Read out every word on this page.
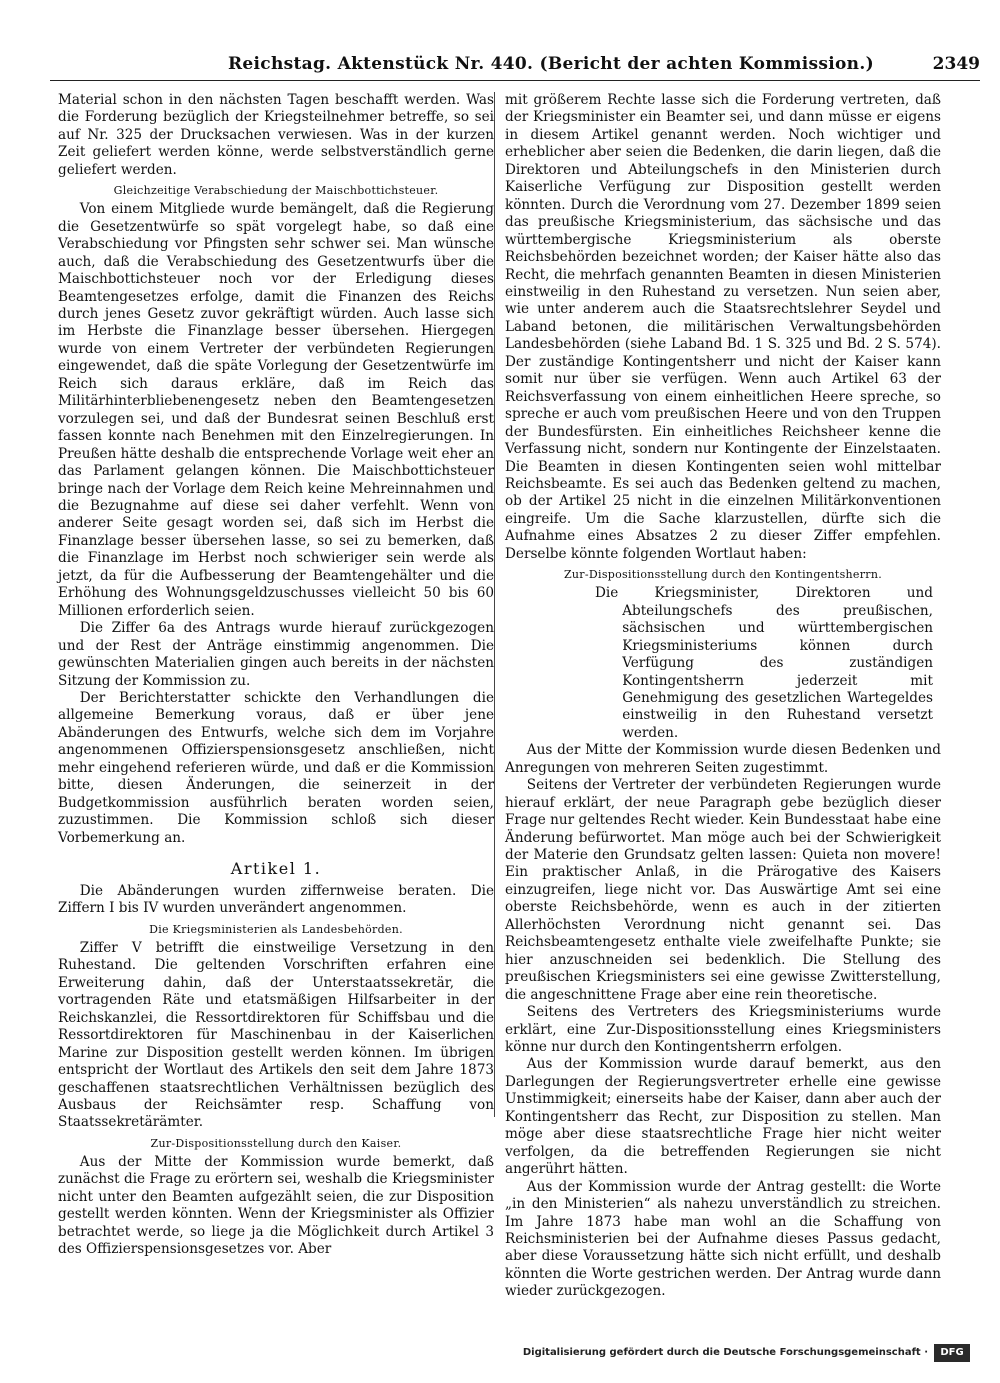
Reichstag. Aktenstück Nr. 440. (Bericht der achten Kommission.)	2349

Material schon in den nächsten Tagen beschafft werden. Was die Forderung bezüglich der Kriegsteilnehmer betreffe, so sei auf Nr. 325 der Drucksachen verwiesen. Was in der kurzen Zeit geliefert werden könne, werde selbstverständlich gerne geliefert werden.

Gleichzeitige Verabschiedung der Maischbottichsteuer.

Von einem Mitgliede wurde bemängelt, daß die Regierung die Gesetzentwürfe so spät vorgelegt habe, so daß eine Verabschiedung vor Pfingsten sehr schwer sei. Man wünsche auch, daß die Verabschiedung des Gesetzentwurfs über die Maischbottichsteuer noch vor der Erledigung dieses Beamtengesetzes erfolge, damit die Finanzen des Reichs durch jenes Gesetz zuvor gekräftigt würden. Auch lasse sich im Herbste die Finanzlage besser übersehen. Hiergegen wurde von einem Vertreter der verbündeten Regierungen eingewendet, daß die späte Vorlegung der Gesetzentwürfe im Reich sich daraus erkläre, daß im Reich das Militärhinterbliebenengesetz neben den Beamtengesetzen vorzulegen sei, und daß der Bundesrat seinen Beschluß erst fassen konnte nach Benehmen mit den Einzelregierungen. In Preußen hätte deshalb die entsprechende Vorlage weit eher an das Parlament gelangen können. Die Maischbottichsteuer bringe nach der Vorlage dem Reich keine Mehreinnahmen und die Bezugnahme auf diese sei daher verfehlt. Wenn von anderer Seite gesagt worden sei, daß sich im Herbst die Finanzlage besser übersehen lasse, so sei zu bemerken, daß die Finanzlage im Herbst noch schwieriger sein werde als jetzt, da für die Aufbesserung der Beamtengehälter und die Erhöhung des Wohnungsgeldzuschusses vielleicht 50 bis 60 Millionen erforderlich seien.

Die Ziffer 6a des Antrags wurde hierauf zurückgezogen und der Rest der Anträge einstimmig angenommen. Die gewünschten Materialien gingen auch bereits in der nächsten Sitzung der Kommission zu.

Der Berichterstatter schickte den Verhandlungen die allgemeine Bemerkung voraus, daß er über jene Abänderungen des Entwurfs, welche sich dem im Vorjahre angenommenen Offizierspensionsgesetz anschließen, nicht mehr eingehend referieren würde, und daß er die Kommission bitte, diesen Änderungen, die seinerzeit in der Budgetkommission ausführlich beraten worden seien, zuzustimmen. Die Kommission schloß sich dieser Vorbemerkung an.

Artikel 1.

Die Abänderungen wurden ziffernweise beraten. Die Ziffern I bis IV wurden unverändert angenommen.

Die Kriegsministerien als Landesbehörden.

Ziffer V betrifft die einstweilige Versetzung in den Ruhestand. Die geltenden Vorschriften erfahren eine Erweiterung dahin, daß der Unterstaatssekretär, die vortragenden Räte und etatsmäßigen Hilfsarbeiter in der Reichskanzlei, die Ressortdirektoren für Schiffsbau und die Ressortdirektoren für Maschinenbau in der Kaiserlichen Marine zur Disposition gestellt werden können. Im übrigen entspricht der Wortlaut des Artikels den seit dem Jahre 1873 geschaffenen staatsrechtlichen Verhältnissen bezüglich des Ausbaus der Reichsämter resp. Schaffung von Staatssekretärämter.

Zur-Dispositionsstellung durch den Kaiser.

Aus der Mitte der Kommission wurde bemerkt, daß zunächst die Frage zu erörtern sei, weshalb die Kriegsminister nicht unter den Beamten aufgezählt seien, die zur Disposition gestellt werden könnten. Wenn der Kriegsminister als Offizier betrachtet werde, so liege ja die Möglichkeit durch Artikel 3 des Offizierspensionsgesetzes vor. Aber

mit größerem Rechte lasse sich die Forderung vertreten, daß der Kriegsminister ein Beamter sei, und dann müsse er eigens in diesem Artikel genannt werden. Noch wichtiger und erheblicher aber seien die Bedenken, die darin liegen, daß die Direktoren und Abteilungschefs in den Ministerien durch Kaiserliche Verfügung zur Disposition gestellt werden könnten. Durch die Verordnung vom 27. Dezember 1899 seien das preußische Kriegsministerium, das sächsische und das württembergische Kriegsministerium als oberste Reichsbehörden bezeichnet worden; der Kaiser hätte also das Recht, die mehrfach genannten Beamten in diesen Ministerien einstweilig in den Ruhestand zu versetzen. Nun seien aber, wie unter anderem auch die Staatsrechtslehrer Seydel und Laband betonen, die militärischen Verwaltungsbehörden Landesbehörden (siehe Laband Bd. 1 S. 325 und Bd. 2 S. 574). Der zuständige Kontingentsherr und nicht der Kaiser kann somit nur über sie verfügen. Wenn auch Artikel 63 der Reichsverfassung von einem einheitlichen Heere spreche, so spreche er auch vom preußischen Heere und von den Truppen der Bundesfürsten. Ein einheitliches Reichsheer kenne die Verfassung nicht, sondern nur Kontingente der Einzelstaaten. Die Beamten in diesen Kontingenten seien wohl mittelbar Reichsbeamte. Es sei auch das Bedenken geltend zu machen, ob der Artikel 25 nicht in die einzelnen Militärkonventionen eingreife. Um die Sache klarzustellen, dürfte sich die Aufnahme eines Absatzes 2 zu dieser Ziffer empfehlen. Derselbe könnte folgenden Wortlaut haben:

Zur-Dispositionsstellung durch den Kontingentsherrn.

Die Kriegsminister, Direktoren und Abteilungschefs des preußischen, sächsischen und württembergischen Kriegsministeriums können durch Verfügung des zuständigen Kontingentsherrn jederzeit mit Genehmigung des gesetzlichen Wartegeldes einstweilig in den Ruhestand versetzt werden.

Aus der Mitte der Kommission wurde diesen Bedenken und Anregungen von mehreren Seiten zugestimmt.

Seitens der Vertreter der verbündeten Regierungen wurde hierauf erklärt, der neue Paragraph gebe bezüglich dieser Frage nur geltendes Recht wieder. Kein Bundesstaat habe eine Änderung befürwortet. Man möge auch bei der Schwierigkeit der Materie den Grundsatz gelten lassen: Quieta non movere! Ein praktischer Anlaß, in die Prärogative des Kaisers einzugreifen, liege nicht vor. Das Auswärtige Amt sei eine oberste Reichsbehörde, wenn es auch in der zitierten Allerhöchsten Verordnung nicht genannt sei. Das Reichsbeamtengesetz enthalte viele zweifelhafte Punkte; sie hier anzuschneiden sei bedenklich. Die Stellung des preußischen Kriegsministers sei eine gewisse Zwitterstellung, die angeschnittene Frage aber eine rein theoretische.

Seitens des Vertreters des Kriegsministeriums wurde erklärt, eine Zur-Dispositionsstellung eines Kriegsministers könne nur durch den Kontingentsherrn erfolgen.

Aus der Kommission wurde darauf bemerkt, aus den Darlegungen der Regierungsvertreter erhelle eine gewisse Unstimmigkeit; einerseits habe der Kaiser, dann aber auch der Kontingentsherr das Recht, zur Disposition zu stellen. Man möge aber diese staatsrechtliche Frage hier nicht weiter verfolgen, da die betreffenden Regierungen sie nicht angerührt hätten.

Aus der Kommission wurde der Antrag gestellt: die Worte „in den Ministerien“ als nahezu unverständlich zu streichen. Im Jahre 1873 habe man wohl an die Schaffung von Reichsministerien bei der Aufnahme dieses Passus gedacht, aber diese Voraussetzung hätte sich nicht erfüllt, und deshalb könnten die Worte gestrichen werden. Der Antrag wurde dann wieder zurückgezogen.

Digitalisierung gefördert durch die Deutsche Forschungsgemeinschaft ·	DFG
